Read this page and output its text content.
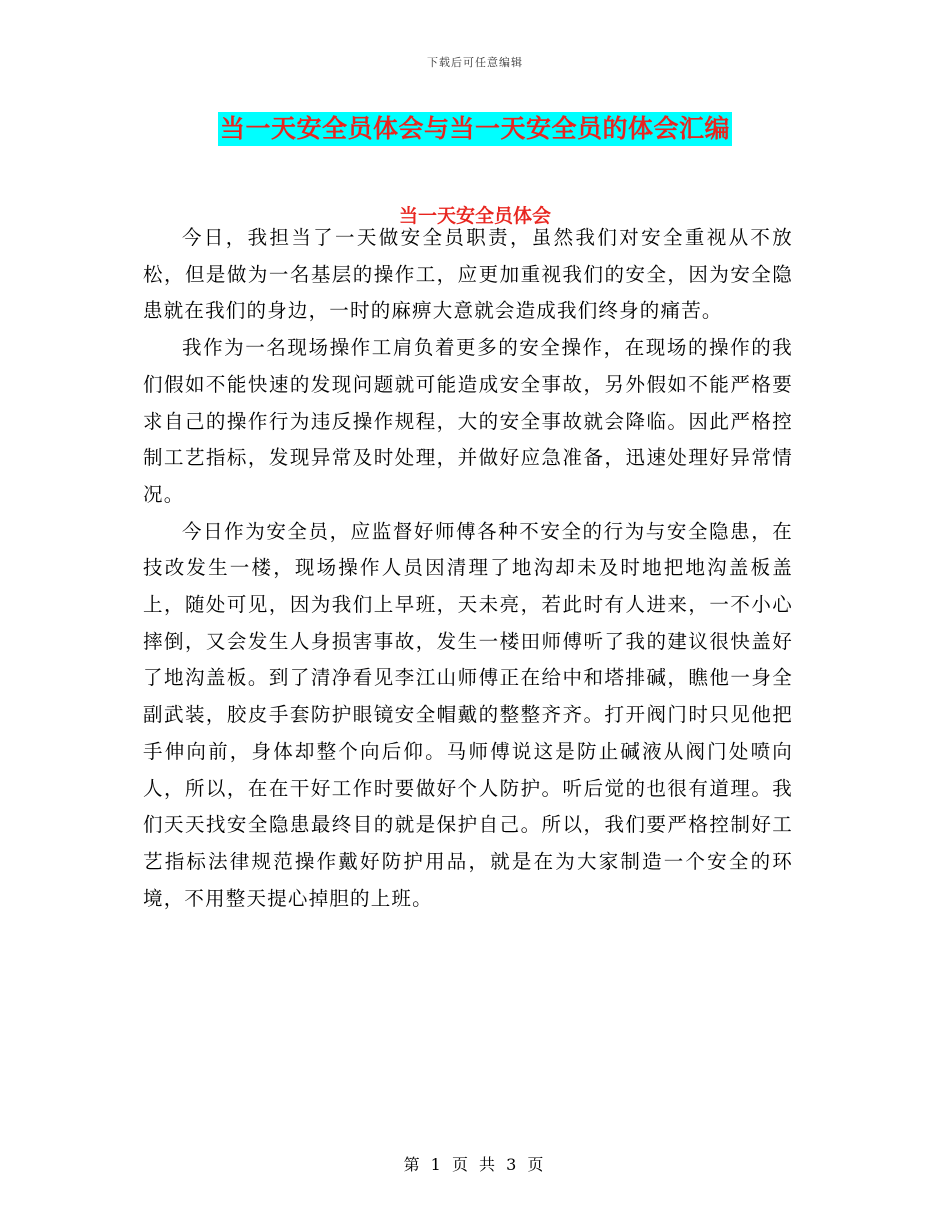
下载后可任意编辑
当一天安全员体会与当一天安全员的体会汇编
当一天安全员体会

今日，我担当了一天做安全员职责，虽然我们对安全重视从不放松，但是做为一名基层的操作工，应更加重视我们的安全，因为安全隐患就在我们的身边，一时的麻痹大意就会造成我们终身的痛苦。

我作为一名现场操作工肩负着更多的安全操作，在现场的操作的我们假如不能快速的发现问题就可能造成安全事故，另外假如不能严格要求自己的操作行为违反操作规程，大的安全事故就会降临。因此严格控制工艺指标，发现异常及时处理，并做好应急准备，迅速处理好异常情况。

今日作为安全员，应监督好师傅各种不安全的行为与安全隐患，在技改发生一楼，现场操作人员因清理了地沟却未及时地把地沟盖板盖上，随处可见，因为我们上早班，天未亮，若此时有人进来，一不小心摔倒，又会发生人身损害事故，发生一楼田师傅听了我的建议很快盖好了地沟盖板。到了清净看见李江山师傅正在给中和塔排碱，瞧他一身全副武装，胶皮手套防护眼镜安全帽戴的整整齐齐。打开阀门时只见他把手伸向前，身体却整个向后仰。马师傅说这是防止碱液从阀门处喷向人，所以，在在干好工作时要做好个人防护。听后觉的也很有道理。我们天天找安全隐患最终目的就是保护自己。所以，我们要严格控制好工艺指标法律规范操作戴好防护用品，就是在为大家制造一个安全的环境，不用整天提心掉胆的上班。

第 1 页 共 3 页
